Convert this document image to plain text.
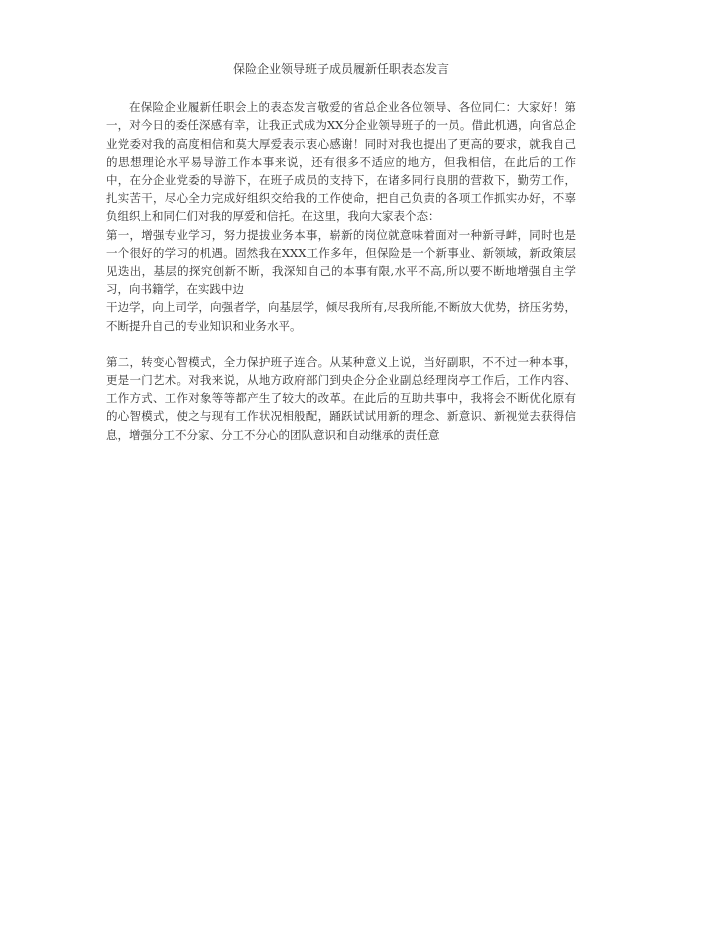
保险企业领导班子成员履新任职表态发言

在保险企业履新任职会上的表态发言敬爱的省总企业各位领导、各位同仁：大家好！第一，对今日的委任深感有幸，让我正式成为XX分企业领导班子的一员。借此机遇，向省总企业党委对我的高度相信和莫大厚爱表示衷心感谢！同时对我也提出了更高的要求，就我自己的思想理论水平易导游工作本事来说，还有很多不适应的地方，但我相信，在此后的工作中，在分企业党委的导游下，在班子成员的支持下，在诸多同行良朋的营救下，勤劳工作，扎实苦干，尽心全力完成好组织交给我的工作使命，把自己负责的各项工作抓实办好，不辜负组织上和同仁们对我的厚爱和信托。在这里，我向大家表个态：

第一，增强专业学习，努力提拔业务本事，崭新的岗位就意味着面对一种新寻衅，同时也是一个很好的学习的机遇。固然我在XXX工作多年，但保险是一个新事业、新领域，新政策层见迭出，基层的探究创新不断，我深知自己的本事有限,水平不高,所以要不断地增强自主学习，向书籍学，在实践中边

干边学，向上司学，向强者学，向基层学，倾尽我所有,尽我所能,不断放大优势，挤压劣势，不断提升自己的专业知识和业务水平。

第二，转变心智模式，全力保护班子连合。从某种意义上说，当好副职，不不过一种本事，更是一门艺术。对我来说，从地方政府部门到央企分企业副总经理岗亭工作后，工作内容、工作方式、工作对象等等都产生了较大的改革。在此后的互助共事中，我将会不断优化原有的心智模式，使之与现有工作状况相般配，踊跃试试用新的理念、新意识、新视觉去获得信息，增强分工不分家、分工不分心的团队意识和自动继承的责任意
